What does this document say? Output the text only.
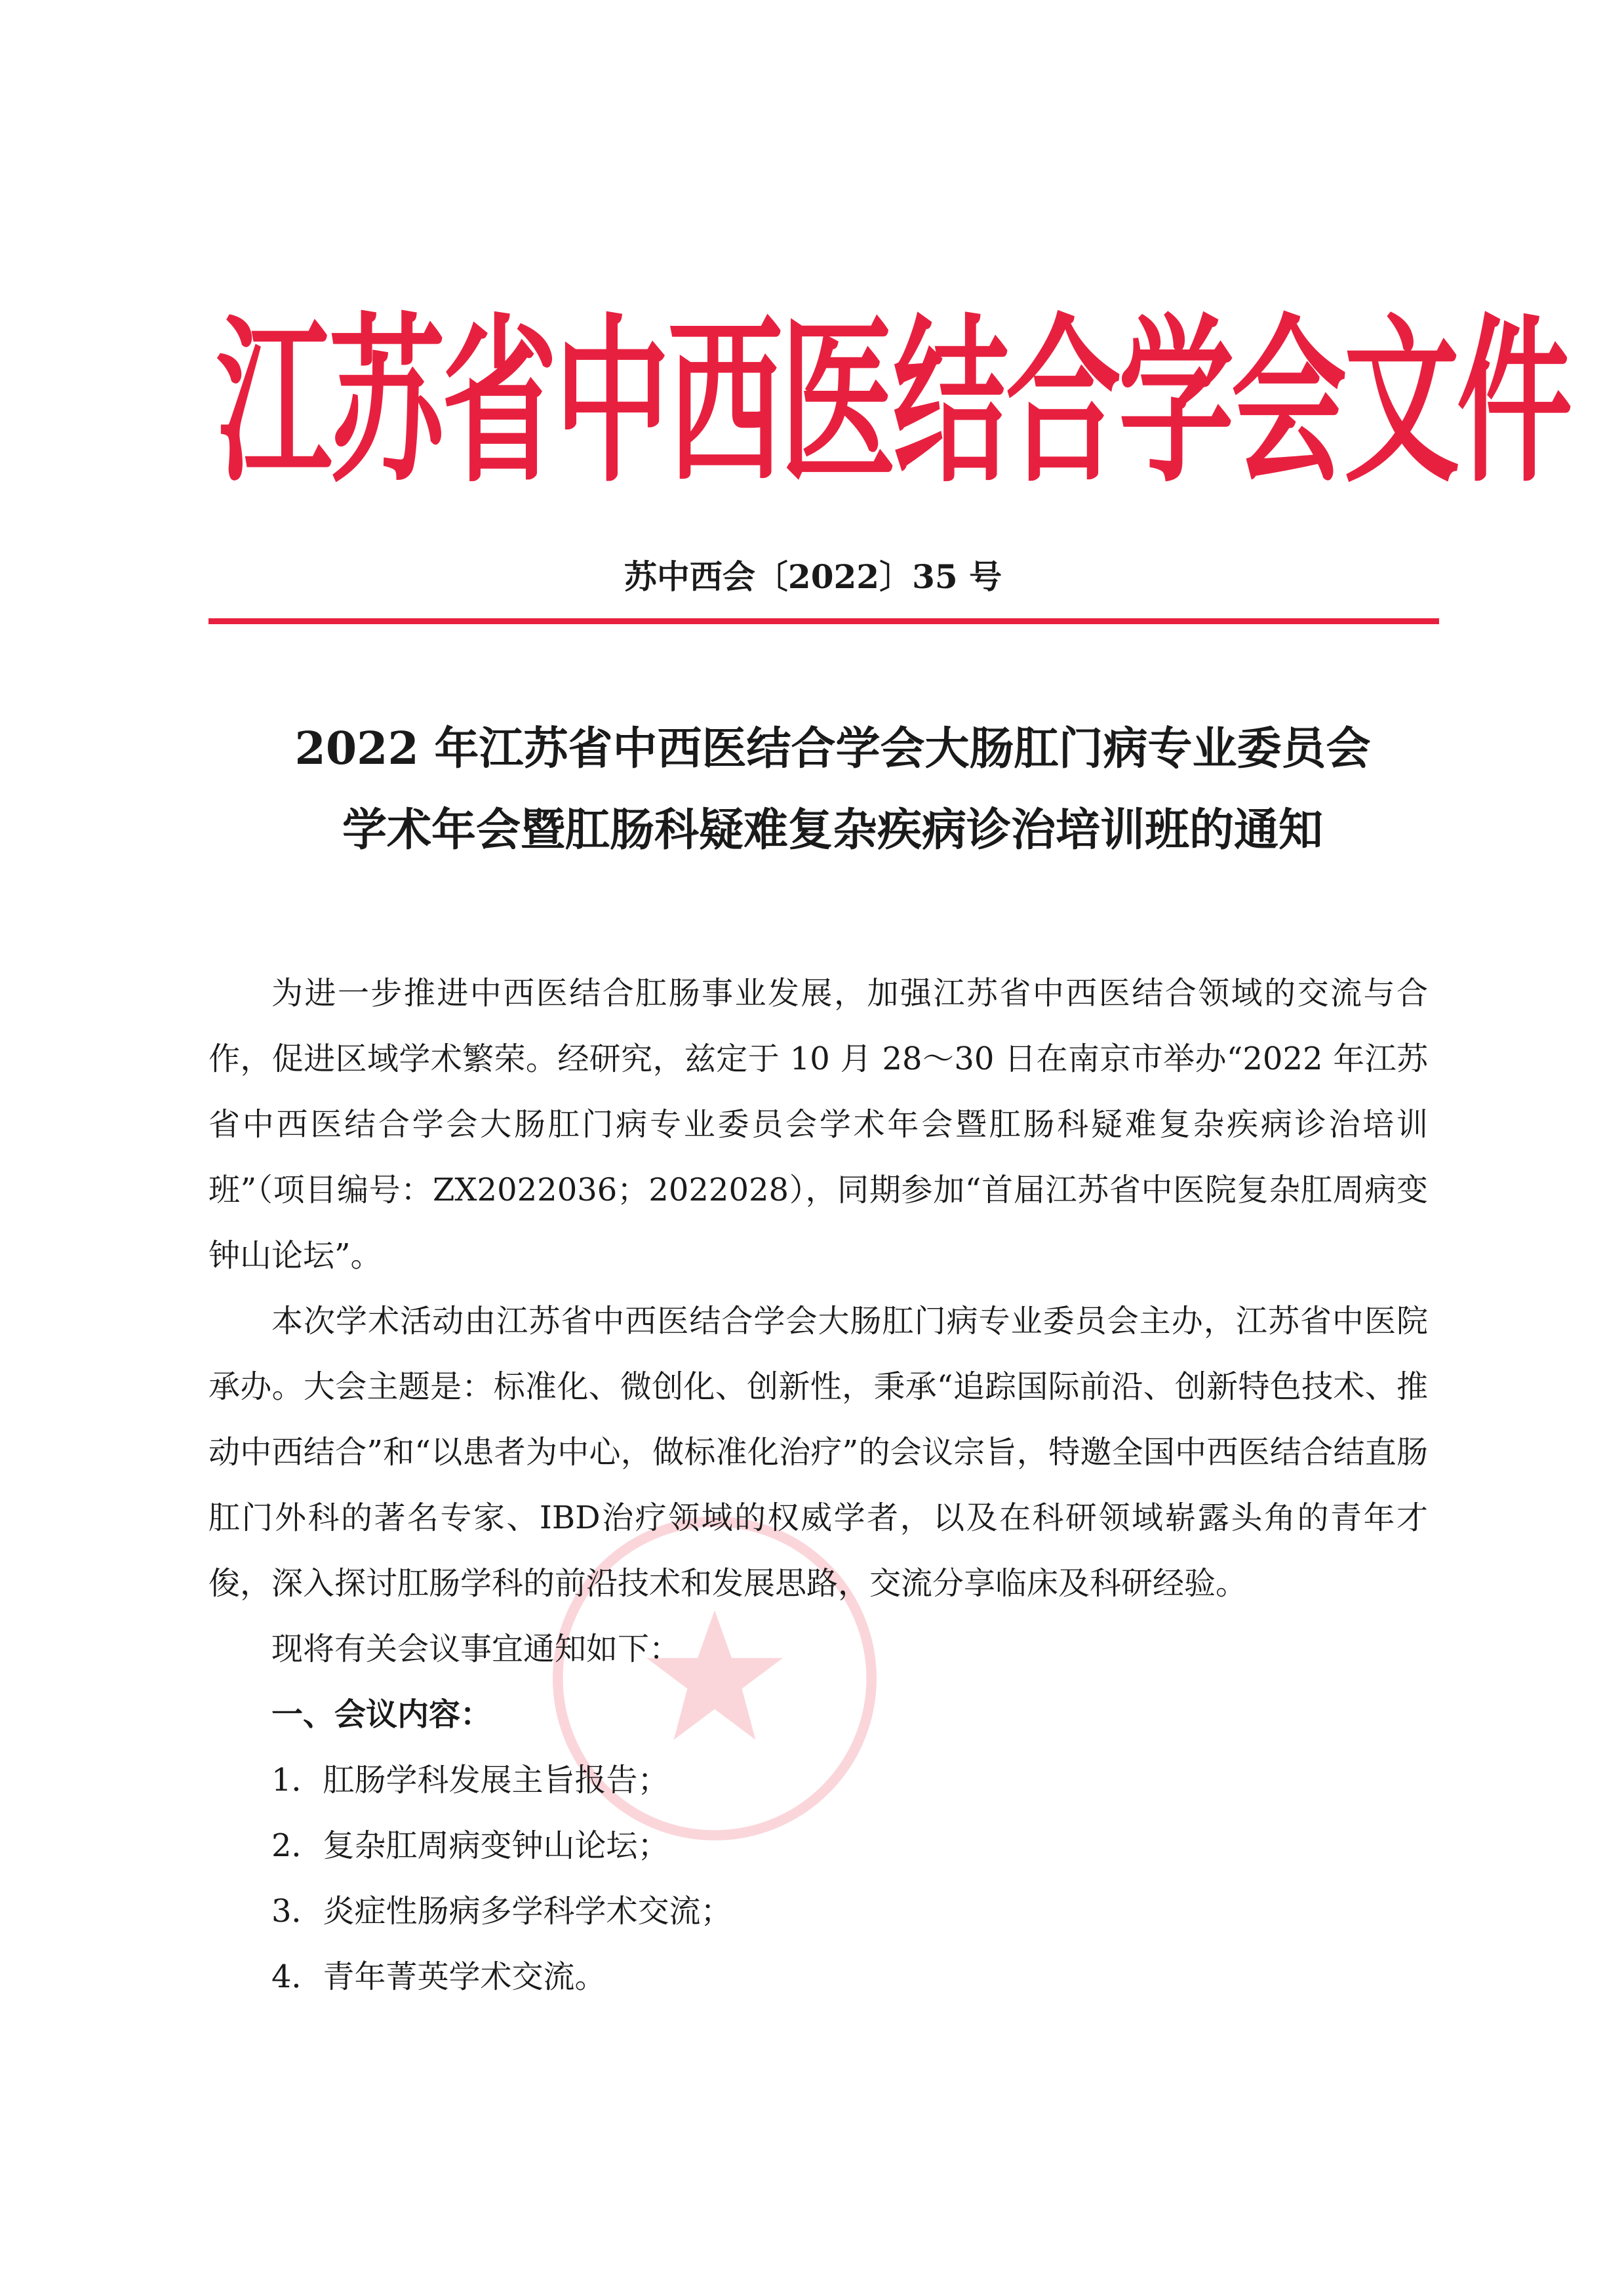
江苏省中西医结合学会文件
苏中西会〔2022〕35 号
2022 年江苏省中西医结合学会大肠肛门病专业委员会
学术年会暨肛肠科疑难复杂疾病诊治培训班的通知

为进一步推进中西医结合肛肠事业发展，加强江苏省中西医结合领域的交流与合作，促进区域学术繁荣。经研究，兹定于 10 月 28～30 日在南京市举办“2022 年江苏省中西医结合学会大肠肛门病专业委员会学术年会暨肛肠科疑难复杂疾病诊治培训班”（项目编号：ZX2022036；2022028），同期参加“首届江苏省中医院复杂肛周病变钟山论坛”。

本次学术活动由江苏省中西医结合学会大肠肛门病专业委员会主办，江苏省中医院承办。大会主题是：标准化、微创化、创新性，秉承“追踪国际前沿、创新特色技术、推动中西结合”和“以患者为中心，做标准化治疗”的会议宗旨，特邀全国中西医结合结直肠肛门外科的著名专家、IBD治疗领域的权威学者，以及在科研领域崭露头角的青年才俊，深入探讨肛肠学科的前沿技术和发展思路，交流分享临床及科研经验。

现将有关会议事宜通知如下：

一、会议内容：

1．肛肠学科发展主旨报告；

2．复杂肛周病变钟山论坛；

3．炎症性肠病多学科学术交流；

4．青年菁英学术交流。
